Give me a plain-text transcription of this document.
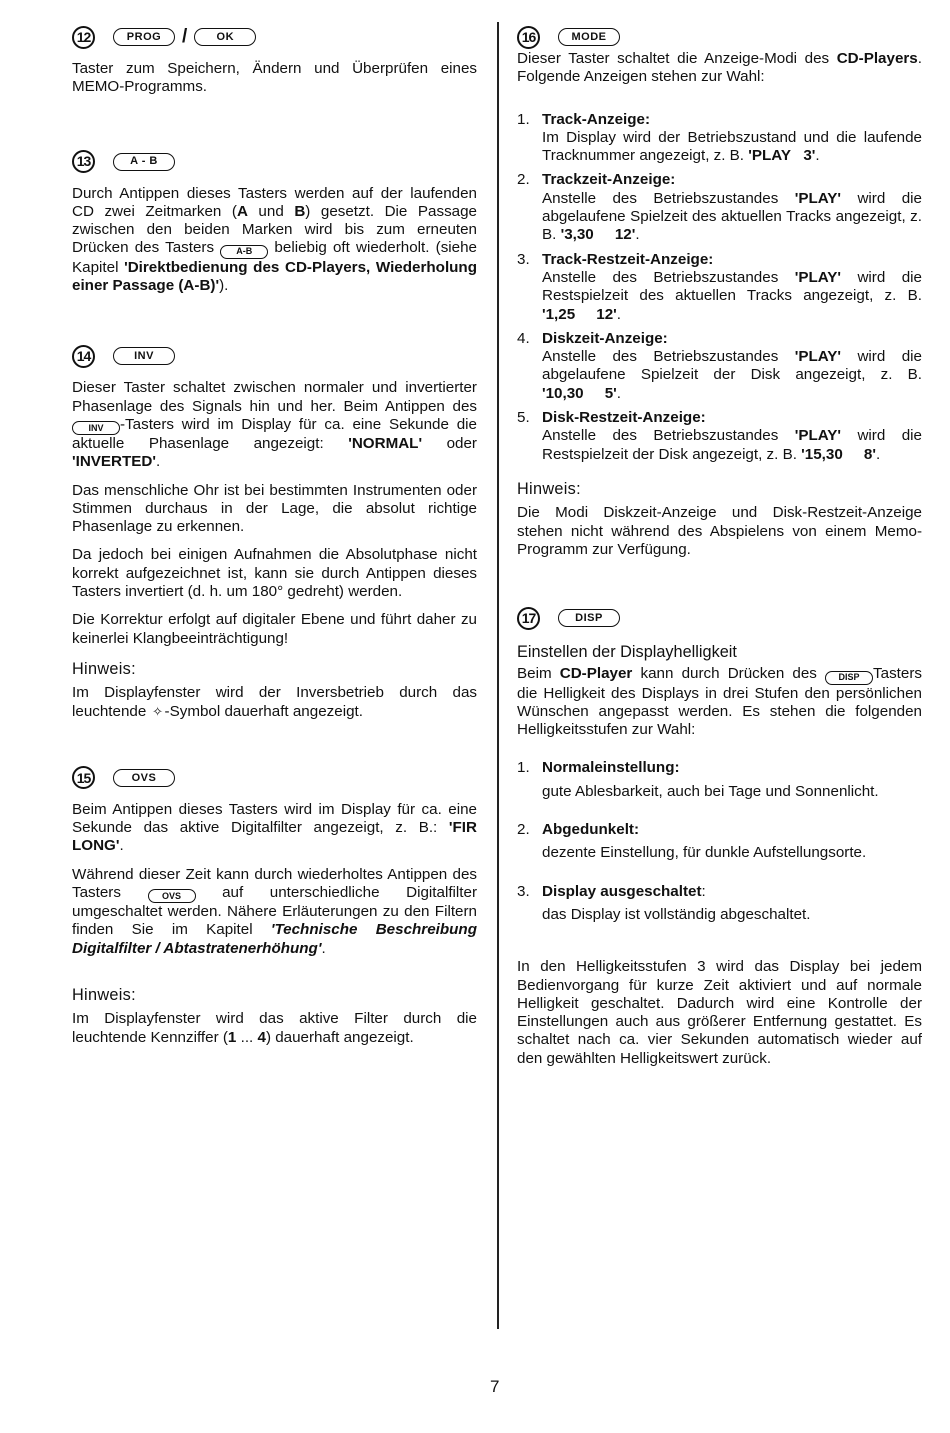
12	PROG	/	OK

Taster zum Speichern, Ändern und Überprüfen eines MEMO-Programms.

13	A - B

Durch Antippen dieses Tasters werden auf der laufenden CD zwei Zeitmarken (A und B) gesetzt. Die Passage zwischen den beiden Marken wird bis zum erneuten Drücken des Tasters A-B beliebig oft wiederholt. (siehe Kapitel 'Direktbedienung des CD-Players, Wiederholung einer Passage (A-B)').

14	INV

Dieser Taster schaltet zwischen normaler und invertierter Phasenlage des Signals hin und her. Beim Antippen des INV -Tasters wird im Display für ca. eine Sekunde die aktuelle Phasenlage angezeigt: 'NORMAL' oder 'INVERTED'.

Das menschliche Ohr ist bei bestimmten Instrumenten oder Stimmen durchaus in der Lage, die absolut richtige Phasenlage zu erkennen.

Da jedoch bei einigen Aufnahmen die Absolutphase nicht korrekt aufgezeichnet ist, kann sie durch Antippen dieses Tasters invertiert (d. h. um 180° gedreht) werden.

Die Korrektur erfolgt auf digitaler Ebene und führt daher zu keinerlei Klangbeeinträchtigung!

Hinweis:

Im Displayfenster wird der Inversbetrieb durch das leuchtende ✧ -Symbol dauerhaft angezeigt.

15	OVS

Beim Antippen dieses Tasters wird im Display für ca. eine Sekunde das aktive Digitalfilter angezeigt, z. B.: 'FIR LONG'.

Während dieser Zeit kann durch wiederholtes Antippen des Tasters OVS auf unterschiedliche Digitalfilter umgeschaltet werden. Nähere Erläuterungen zu den Filtern finden Sie im Kapitel 'Technische Beschreibung Digitalfilter / Abtastratenerhöhung'.

Hinweis:

Im Displayfenster wird das aktive Filter durch die leuchtende Kennziffer (1 ... 4) dauerhaft angezeigt.

16	MODE

Dieser Taster schaltet die Anzeige-Modi des CD-Players. Folgende Anzeigen stehen zur Wahl:

1. Track-Anzeige:
Im Display wird der Betriebszustand und die laufende Tracknummer angezeigt, z. B. 'PLAY   3'.
2. Trackzeit-Anzeige:
Anstelle des Betriebszustandes 'PLAY' wird die abgelaufene Spielzeit des aktuellen Tracks angezeigt, z. B. '3,30     12'.
3. Track-Restzeit-Anzeige:
Anstelle des Betriebszustandes 'PLAY' wird die Restspielzeit des aktuellen Tracks angezeigt, z. B. '1,25     12'.
4. Diskzeit-Anzeige:
Anstelle des Betriebszustandes 'PLAY' wird die abgelaufene Spielzeit der Disk angezeigt, z. B. '10,30     5'.
5. Disk-Restzeit-Anzeige:
Anstelle des Betriebszustandes 'PLAY' wird die Restspielzeit der Disk angezeigt, z. B. '15,30     8'.
Hinweis:

Die Modi Diskzeit-Anzeige und Disk-Restzeit-Anzeige stehen nicht während des Abspielens von einem Memo-Programm zur Verfügung.

17	DISP
Einstellen der Displayhelligkeit

Beim CD-Player kann durch Drücken des DISP Tasters die Helligkeit des Displays in drei Stufen den persönlichen Wünschen angepasst werden. Es stehen die folgenden Helligkeitsstufen zur Wahl:

1. Normaleinstellung:
gute Ablesbarkeit, auch bei Tage und Sonnenlicht.
2. Abgedunkelt:
dezente Einstellung, für dunkle Aufstellungsorte.
3. Display ausgeschaltet:
das Display ist vollständig abgeschaltet.

In den Helligkeitsstufen 3 wird das Display bei jedem Bedienvorgang für kurze Zeit aktiviert und auf normale Helligkeit geschaltet. Dadurch wird eine Kontrolle der Einstellungen auch aus größerer Entfernung gestattet. Es schaltet nach ca. vier Sekunden automatisch wieder auf den gewählten Helligkeitswert zurück.

7
